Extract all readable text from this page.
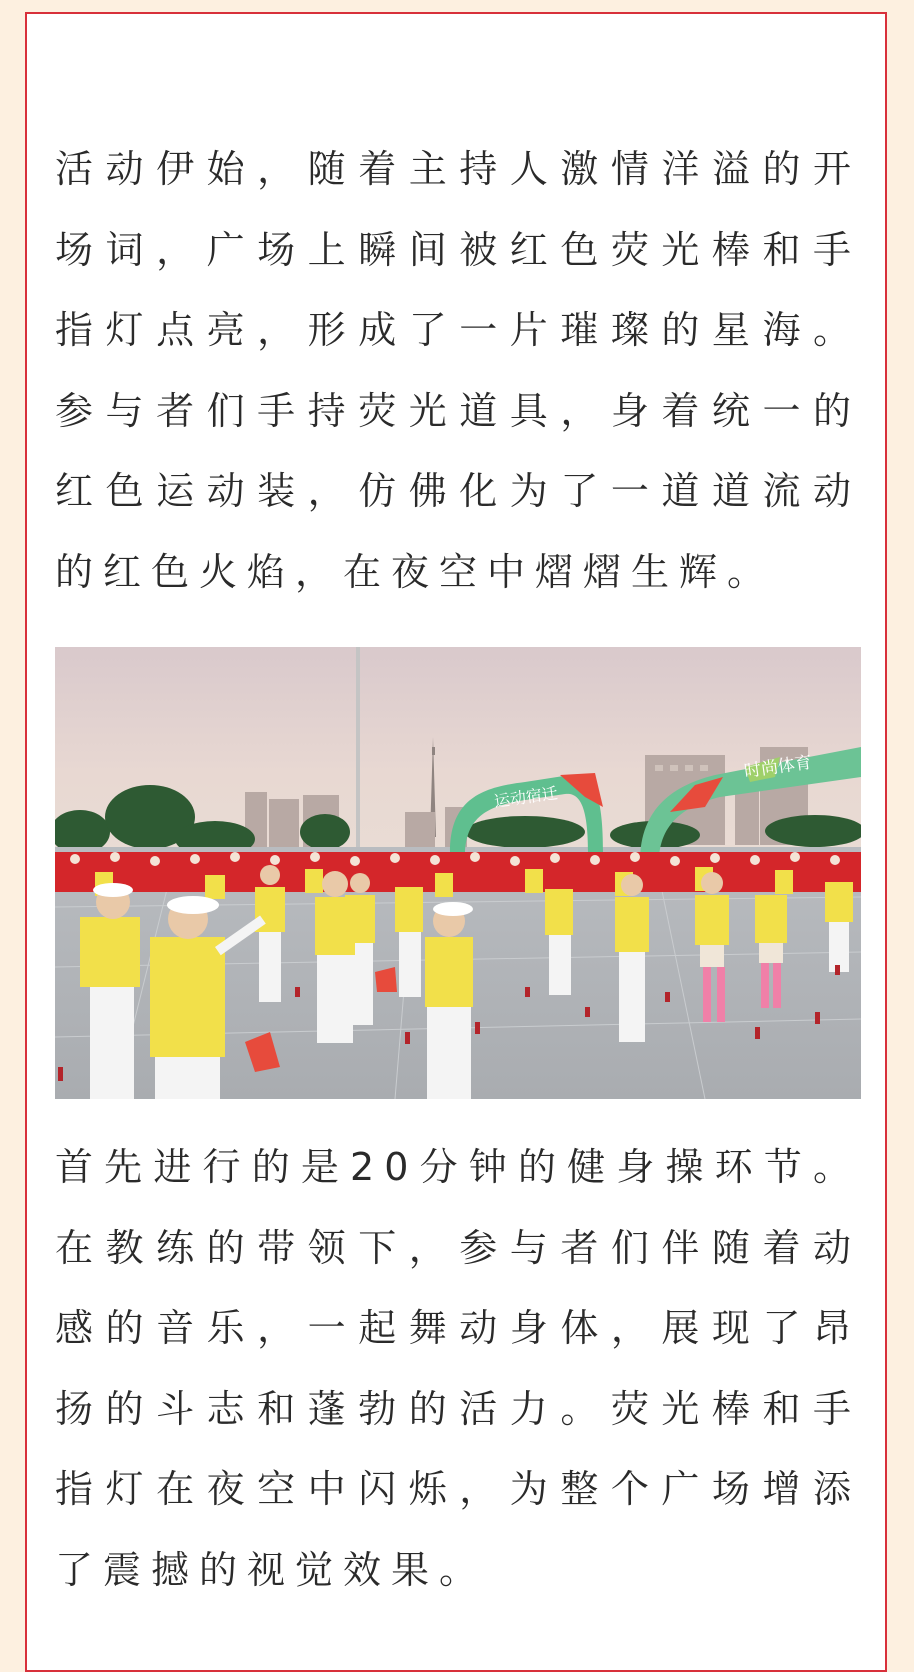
活动伊始，随着主持人激情洋溢的开场词，广场上瞬间被红色荧光棒和手指灯点亮，形成了一片璀璨的星海。参与者们手持荧光道具，身着统一的红色运动装，仿佛化为了一道道流动的红色火焰，在夜空中熠熠生辉。

运动宿迁
时尚体育

首先进行的是20分钟的健身操环节。在教练的带领下，参与者们伴随着动感的音乐，一起舞动身体，展现了昂扬的斗志和蓬勃的活力。荧光棒和手指灯在夜空中闪烁，为整个广场增添了震撼的视觉效果。
